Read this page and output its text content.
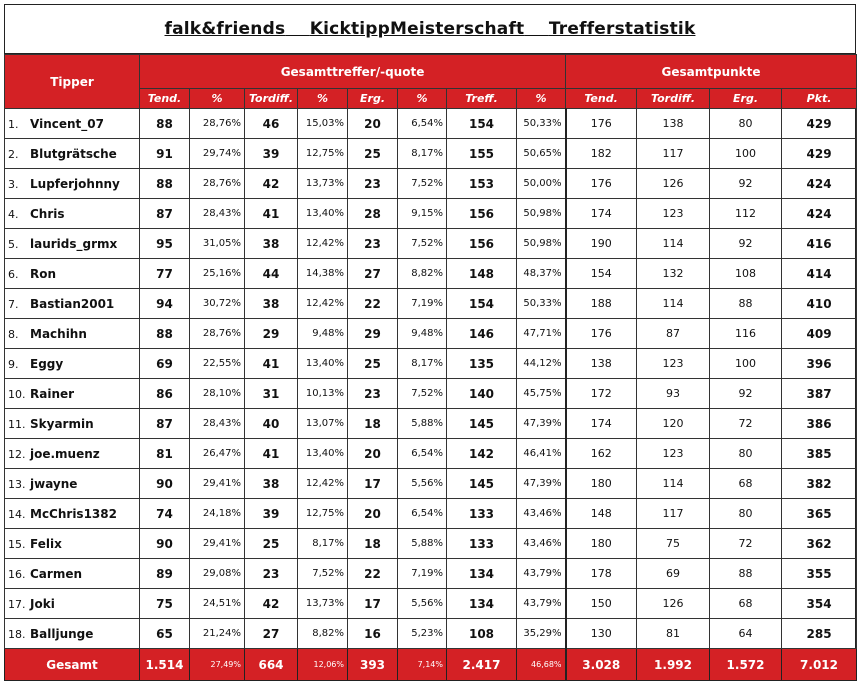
falk&friends
KicktippMeisterschaft
Trefferstatistik
Tipper	Gesamttreffer/-quote								Gesamtpunkte			
	Tend.	%	Tordiff.	%	Erg.	%	Treff.	%	Tend.	Tordiff.	Erg.	Pkt.
1. Vincent_07	88	28,76%	46	15,03%	20	6,54%	154	50,33%	176	138	80	429
2. Blutgrätsche	91	29,74%	39	12,75%	25	8,17%	155	50,65%	182	117	100	429
3. Lupferjohnny	88	28,76%	42	13,73%	23	7,52%	153	50,00%	176	126	92	424
4. Chris	87	28,43%	41	13,40%	28	9,15%	156	50,98%	174	123	112	424
5. laurids_grmx	95	31,05%	38	12,42%	23	7,52%	156	50,98%	190	114	92	416
6. Ron	77	25,16%	44	14,38%	27	8,82%	148	48,37%	154	132	108	414
7. Bastian2001	94	30,72%	38	12,42%	22	7,19%	154	50,33%	188	114	88	410
8. Machihn	88	28,76%	29	9,48%	29	9,48%	146	47,71%	176	87	116	409
9. Eggy	69	22,55%	41	13,40%	25	8,17%	135	44,12%	138	123	100	396
10. Rainer	86	28,10%	31	10,13%	23	7,52%	140	45,75%	172	93	92	387
11. Skyarmin	87	28,43%	40	13,07%	18	5,88%	145	47,39%	174	120	72	386
12. joe.muenz	81	26,47%	41	13,40%	20	6,54%	142	46,41%	162	123	80	385
13. jwayne	90	29,41%	38	12,42%	17	5,56%	145	47,39%	180	114	68	382
14. McChris1382	74	24,18%	39	12,75%	20	6,54%	133	43,46%	148	117	80	365
15. Felix	90	29,41%	25	8,17%	18	5,88%	133	43,46%	180	75	72	362
16. Carmen	89	29,08%	23	7,52%	22	7,19%	134	43,79%	178	69	88	355
17. Joki	75	24,51%	42	13,73%	17	5,56%	134	43,79%	150	126	68	354
18. Balljunge	65	21,24%	27	8,82%	16	5,23%	108	35,29%	130	81	64	285
Gesamt	1.514	27,49%	664	12,06%	393	7,14%	2.417	46,68%	3.028	1.992	1.572	7.012
